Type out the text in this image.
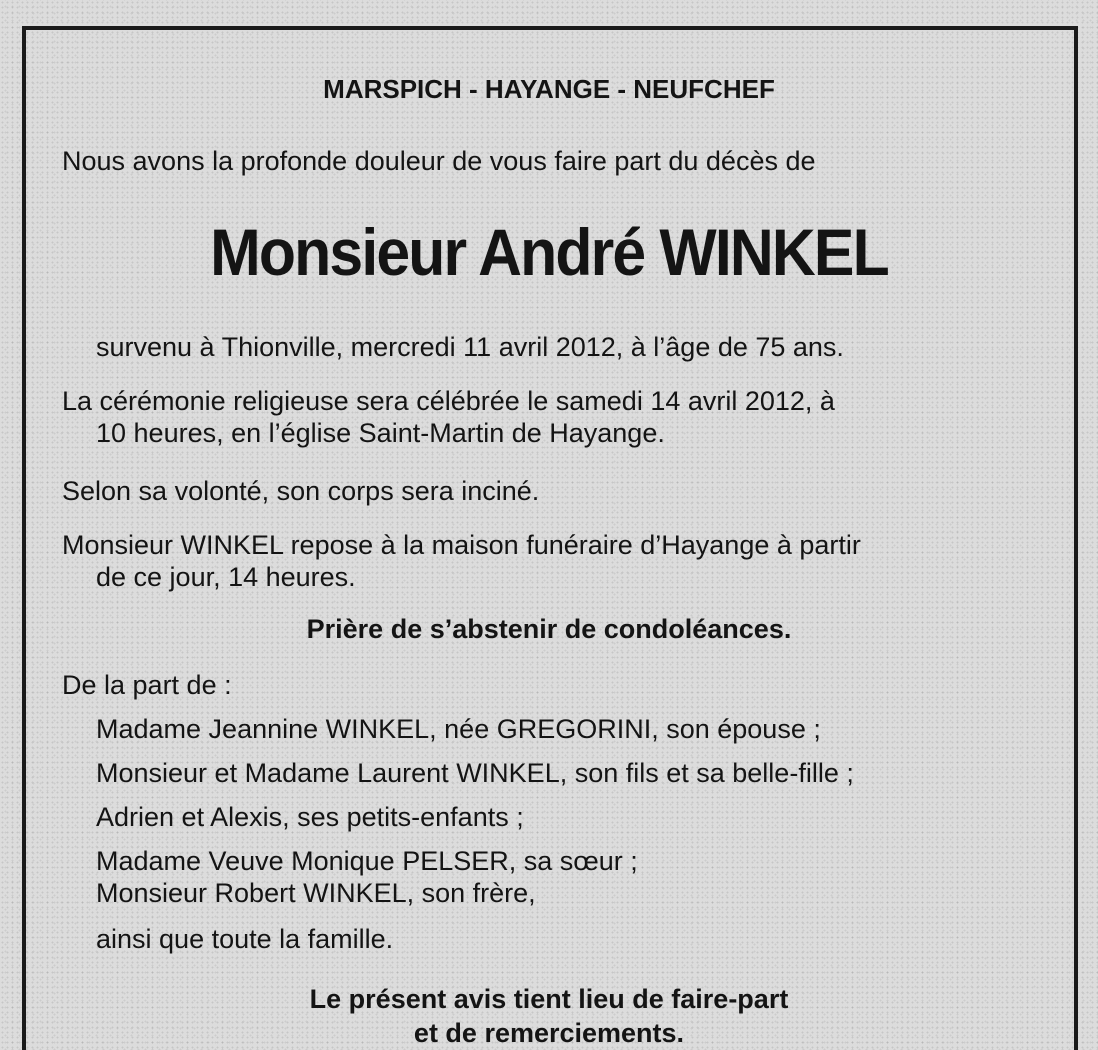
MARSPICH - HAYANGE - NEUFCHEF

Nous avons la profonde douleur de vous faire part du décès de

Monsieur André WINKEL

survenu à Thionville, mercredi 11 avril 2012, à l’âge de 75 ans.

La cérémonie religieuse sera célébrée le samedi 14 avril 2012, à

10 heures, en l’église Saint-Martin de Hayange.

Selon sa volonté, son corps sera inciné.

Monsieur WINKEL repose à la maison funéraire d’Hayange à partir

de ce jour, 14 heures.

Prière de s’abstenir de condoléances.

De la part de :

Madame Jeannine WINKEL, née GREGORINI, son épouse ;

Monsieur et Madame Laurent WINKEL, son fils et sa belle-fille ;

Adrien et Alexis, ses petits-enfants ;

Madame Veuve Monique PELSER, sa sœur ;

Monsieur Robert WINKEL, son frère,

ainsi que toute la famille.

Le présent avis tient lieu de faire-part

et de remerciements.
